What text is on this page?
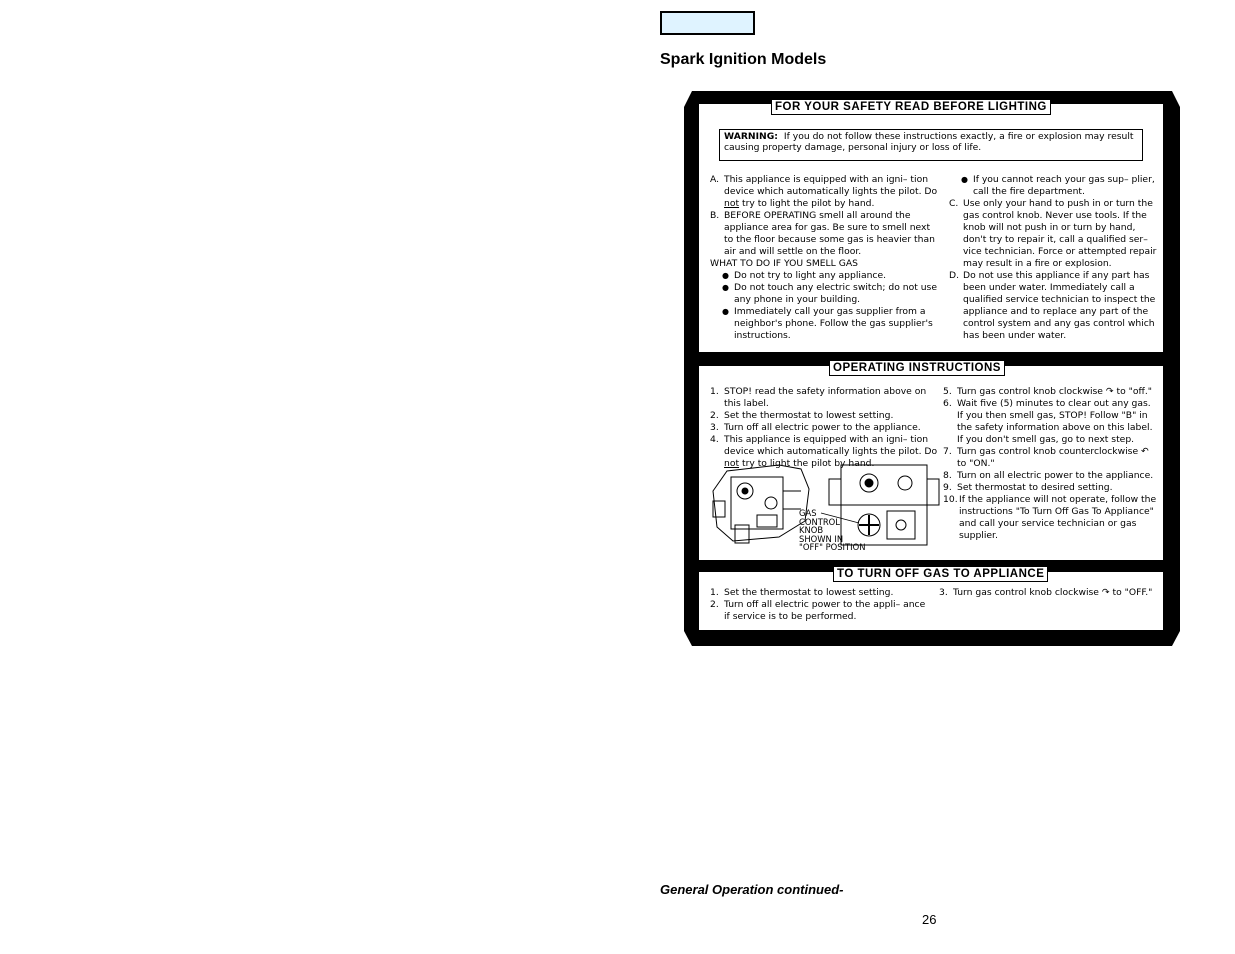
Spark Ignition Models
FOR YOUR SAFETY READ BEFORE LIGHTING
WARNING: If you do not follow these instructions exactly, a fire or explosion may result causing property damage, personal injury or loss of life.
A. This appliance is equipped with an igni– tion device which automatically lights the pilot. Do not try to light the pilot by hand.
B. BEFORE OPERATING smell all around the appliance area for gas. Be sure to smell next to the floor because some gas is heavier than air and will settle on the floor.
WHAT TO DO IF YOU SMELL GAS
● Do not try to light any appliance.
● Do not touch any electric switch; do not use any phone in your building.
● Immediately call your gas supplier from a neighbor's phone. Follow the gas supplier's instructions.
● If you cannot reach your gas sup– plier, call the fire department.
C. Use only your hand to push in or turn the gas control knob. Never use tools. If the knob will not push in or turn by hand, don't try to repair it, call a qualified ser– vice technician. Force or attempted repair may result in a fire or explosion.
D. Do not use this appliance if any part has been under water. Immediately call a qualified service technician to inspect the appliance and to replace any part of the control system and any gas control which has been under water.
OPERATING INSTRUCTIONS
1. STOP! read the safety information above on this label.
2. Set the thermostat to lowest setting.
3. Turn off all electric power to the appliance.
4. This appliance is equipped with an igni– tion device which automatically lights the pilot. Do not try to light the pilot by hand.
GAS
CONTROL
KNOB
SHOWN IN
"OFF" POSITION
5. Turn gas control knob clockwise ↷ to "off."
6. Wait five (5) minutes to clear out any gas. If you then smell gas, STOP! Follow "B" in the safety information above on this label. If you don't smell gas, go to next step.
7. Turn gas control knob counterclockwise ↶ to "ON."
8. Turn on all electric power to the appliance.
9. Set thermostat to desired setting.
10. If the appliance will not operate, follow the instructions "To Turn Off Gas To Appliance" and call your service technician or gas supplier.
TO TURN OFF GAS TO APPLIANCE
1. Set the thermostat to lowest setting.
2. Turn off all electric power to the appli– ance if service is to be performed.
3. Turn gas control knob clockwise ↷ to "OFF."
General Operation continued-
26
